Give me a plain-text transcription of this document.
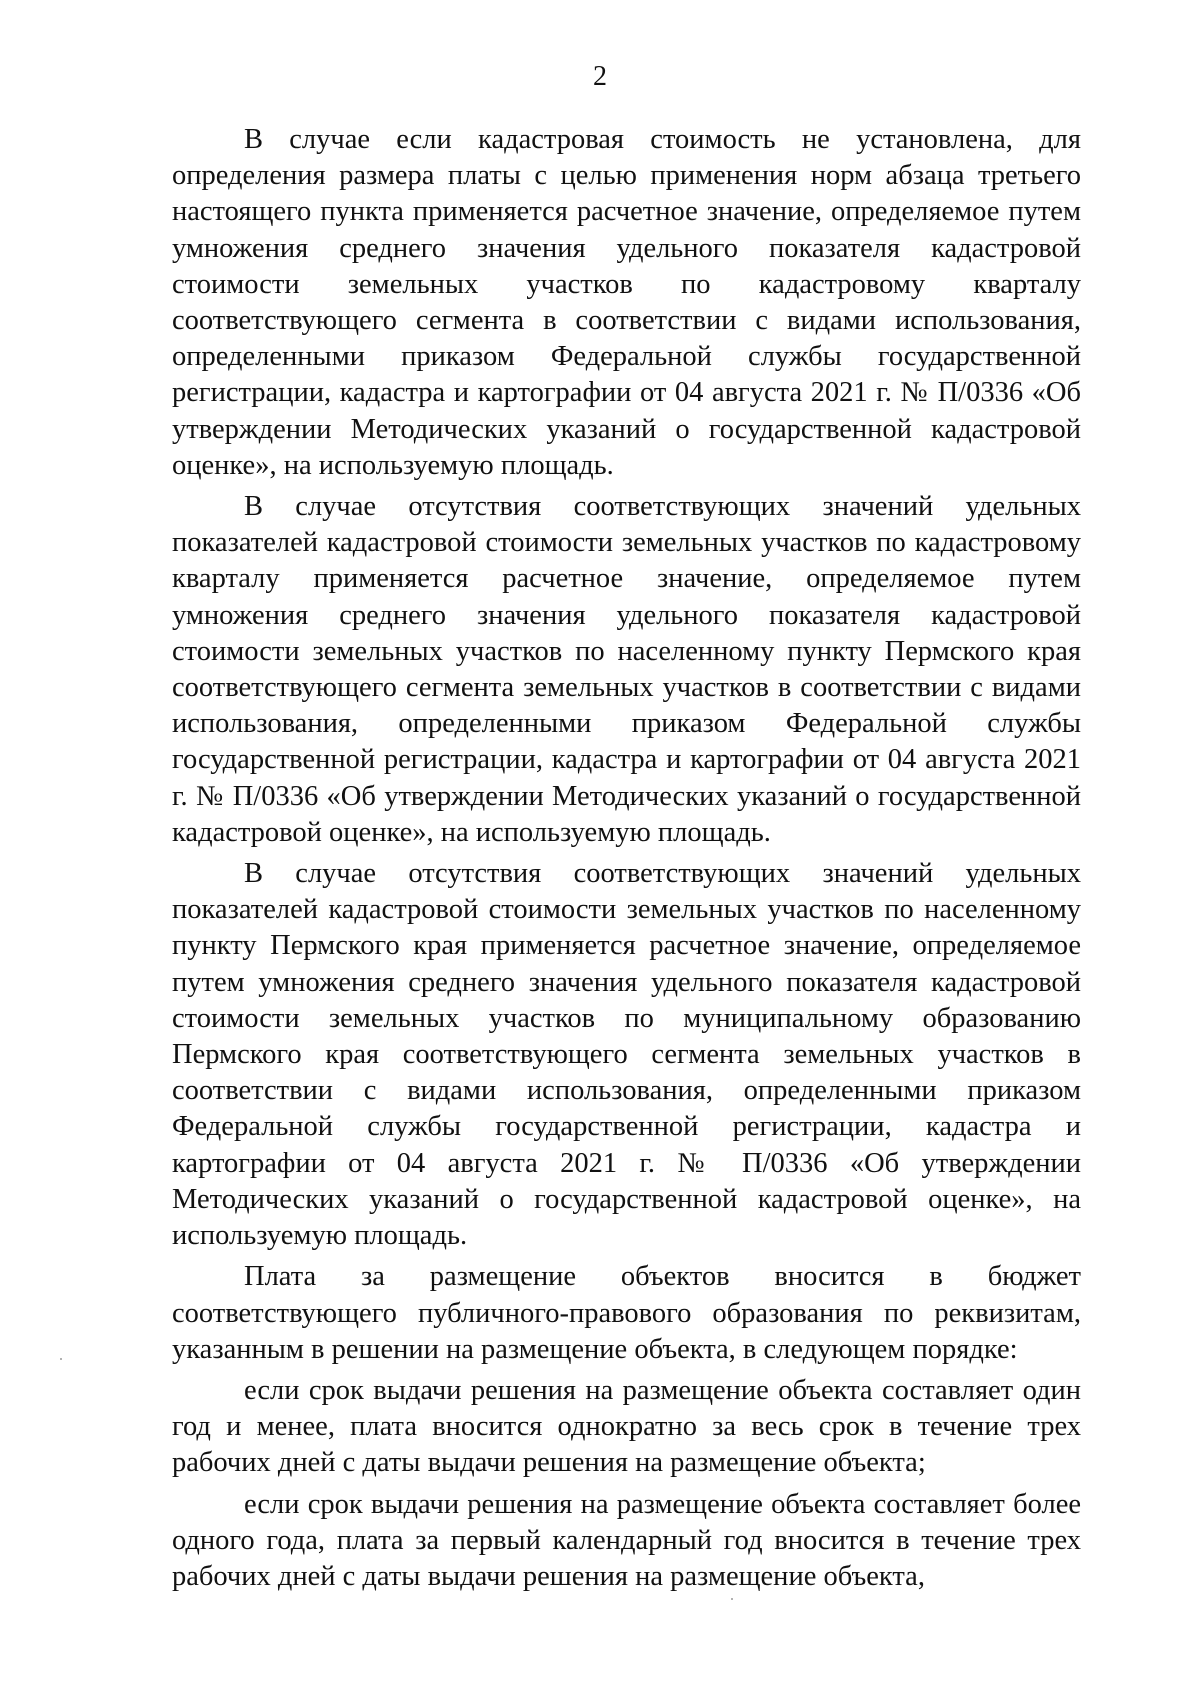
2

В случае если кадастровая стоимость не установлена, для определения размера платы с целью применения норм абзаца третьего настоящего пункта применяется расчетное значение, определяемое путем умножения среднего значения удельного показателя кадастровой стоимости земельных участков по кадастровому кварталу соответствующего сегмента в соответствии с видами использования, определенными приказом Федеральной службы государственной регистрации, кадастра и картографии от 04 августа 2021 г. № П/0336 «Об утверждении Методических указаний о государственной кадастровой оценке», на используемую площадь.

В случае отсутствия соответствующих значений удельных показателей кадастровой стоимости земельных участков по кадастровому кварталу применяется расчетное значение, определяемое путем умножения среднего значения удельного показателя кадастровой стоимости земельных участков по населенному пункту Пермского края соответствующего сегмента земельных участков в соответствии с видами использования, определенными приказом Федеральной службы государственной регистрации, кадастра и картографии от 04 августа 2021 г. № П/0336 «Об утверждении Методических указаний о государственной кадастровой оценке», на используемую площадь.

В случае отсутствия соответствующих значений удельных показателей кадастровой стоимости земельных участков по населенному пункту Пермского края применяется расчетное значение, определяемое путем умножения среднего значения удельного показателя кадастровой стоимости земельных участков по муниципальному образованию Пермского края соответствующего сегмента земельных участков в соответствии с видами использования, определенными приказом Федеральной службы государственной регистрации, кадастра и картографии от 04 августа 2021 г. № П/0336 «Об утверждении Методических указаний о государственной кадастровой оценке», на используемую площадь.

Плата за размещение объектов вносится в бюджет соответствующего публичного-правового образования по реквизитам, указанным в решении на размещение объекта, в следующем порядке:

если срок выдачи решения на размещение объекта составляет один год и менее, плата вносится однократно за весь срок в течение трех рабочих дней с даты выдачи решения на размещение объекта;

если срок выдачи решения на размещение объекта составляет более одного года, плата за первый календарный год вносится в течение трех рабочих дней с даты выдачи решения на размещение объекта,
